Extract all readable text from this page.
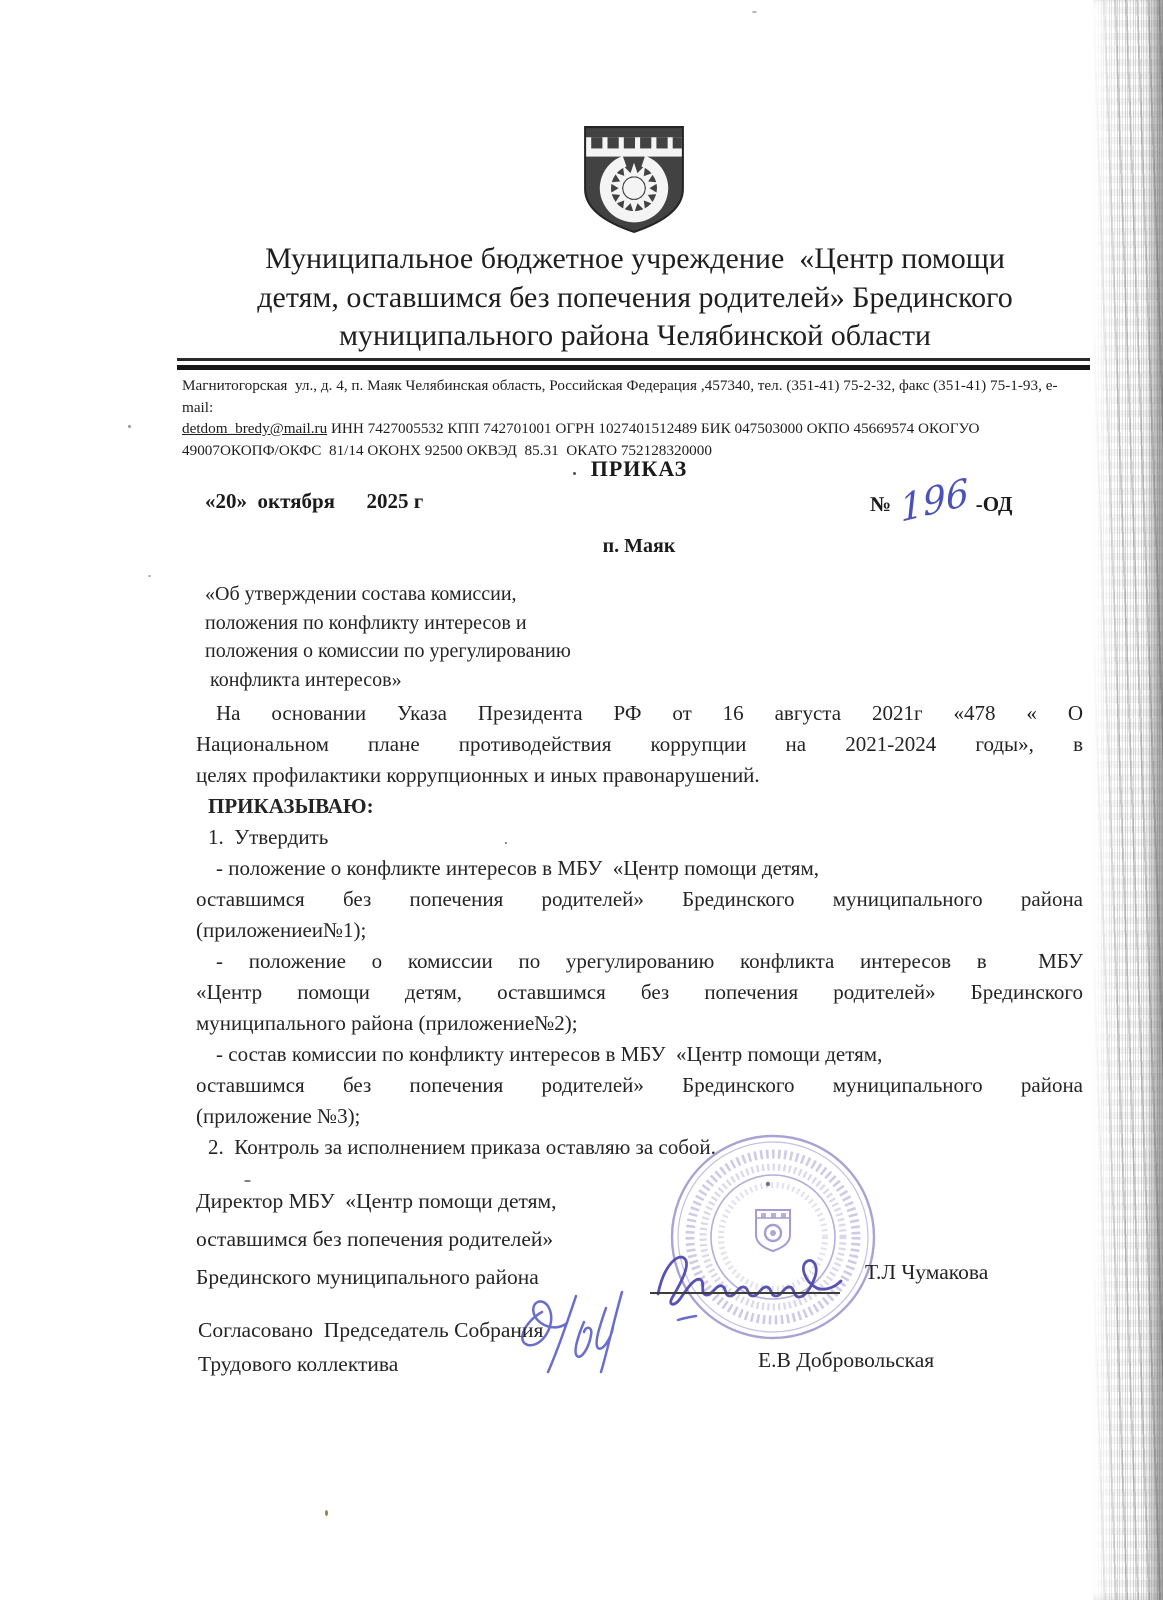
Муниципальное бюджетное учреждение  «Центр помощи
детям, оставшимся без попечения родителей» Брединского
муниципального района Челябинской области
Магнитогорская  ул., д. 4, п. Маяк Челябинская область, Российская Федерация ,457340, тел. (351-41) 75-2-32, факс (351-41) 75-1-93, e-mail:
detdom_bredy@mail.ru ИНН 7427005532 КПП 742701001 ОГРН 1027401512489 БИК 047503000 ОКПО 45669574 ОКОГУО
49007ОКОПФ/ОКФС  81/14 ОКОНХ 92500 ОКВЭД  85.31  ОКАТО 752128320000
ПРИКАЗ
«20»  октября      2025 г	№ 196 -ОД
п. Маяк
«Об утверждении состава комиссии,
положения по конфликту интересов и
положения о комиссии по урегулированию
конфликта интересов»
На основании Указа Президента РФ от 16 августа 2021г «478 « О
Национальном плане противодействия коррупции на 2021-2024 годы», в
целях профилактики коррупционных и иных правонарушений.
ПРИКАЗЫВАЮ:
1.  Утвердить
- положение о конфликте интересов в МБУ  «Центр помощи детям,
оставшимся без попечения родителей» Брединского муниципального района
(приложениеи№1);
- положение о комиссии по урегулированию конфликта интересов в  МБУ
«Центр помощи детям, оставшимся без попечения родителей» Брединского
муниципального района (приложение№2);
- состав комиссии по конфликту интересов в МБУ  «Центр помощи детям,
оставшимся без попечения родителей» Брединского муниципального района
(приложение №3);
2.  Контроль за исполнением приказа оставляю за собой.
Директор МБУ  «Центр помощи детям,
оставшимся без попечения родителей»
Брединского муниципального района	Т.Л Чумакова
Согласовано  Председатель Собрания
Трудового коллектива	Е.В Добровольская
